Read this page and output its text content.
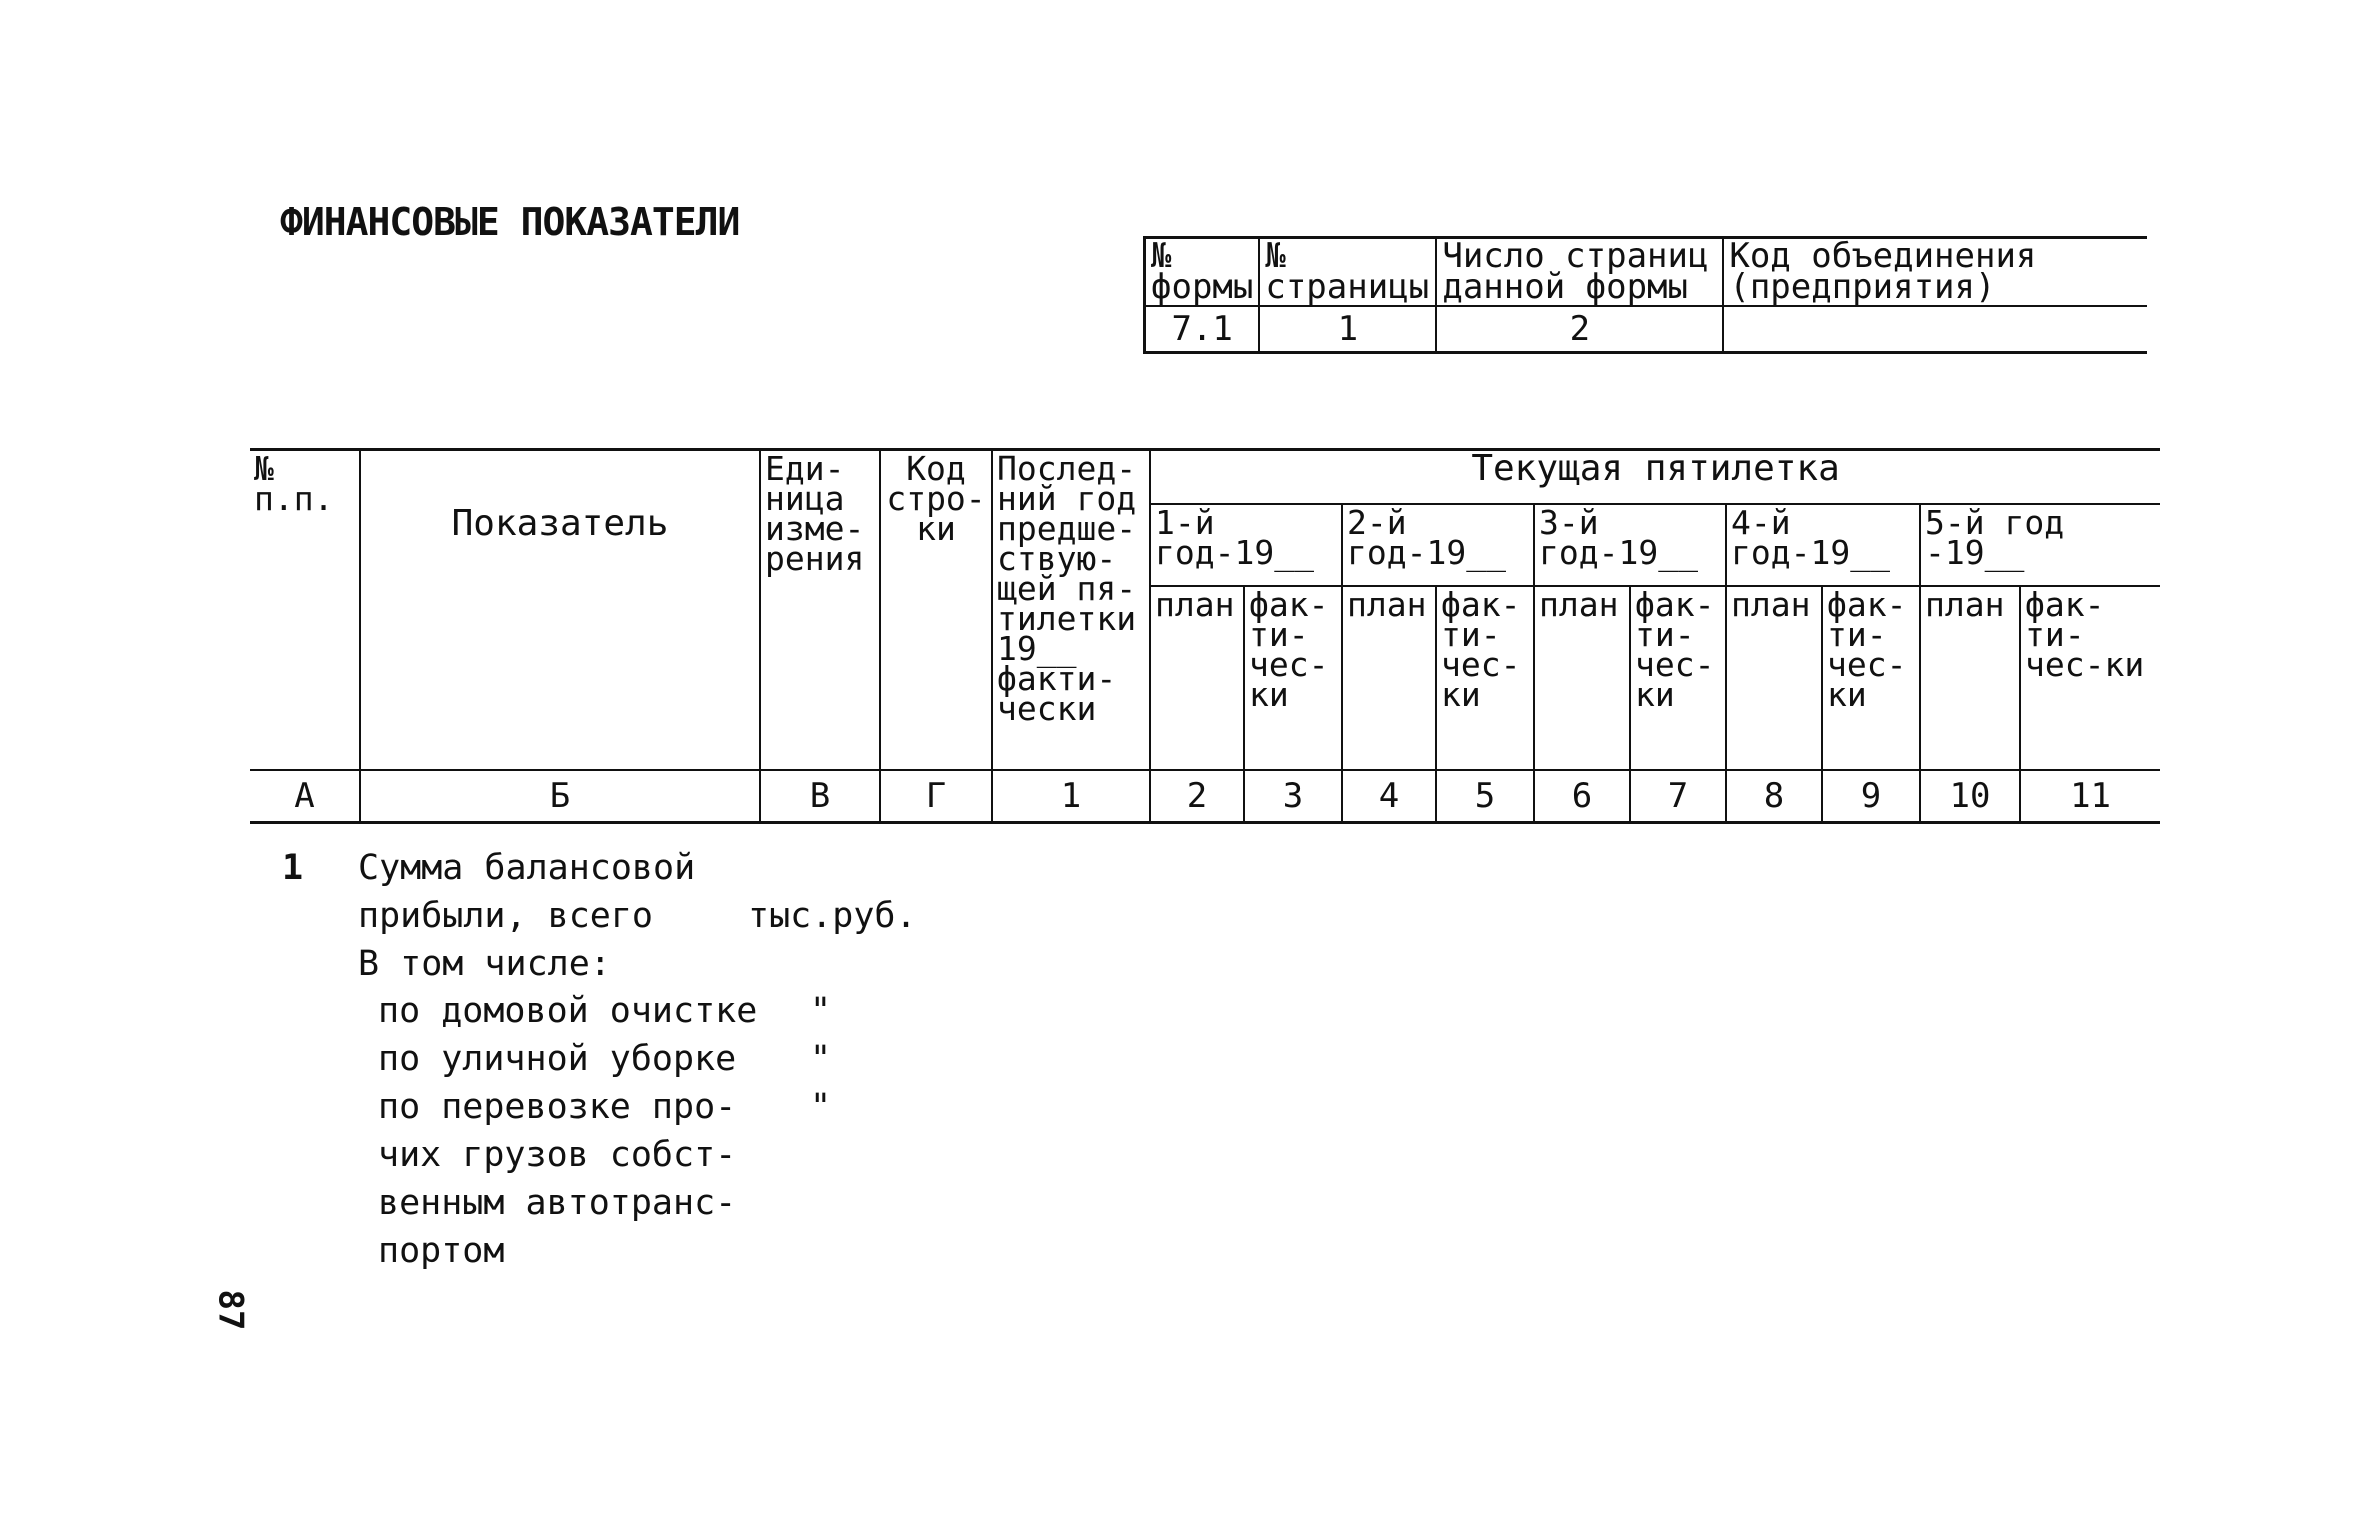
ФИНАНСОВЫЕ ПОКАЗАТЕЛИ
№ формы	№ страницы	Число страниц данной формы	Код объединения (предприятия)
7.1	1	2	
№ п.п.	Показатель	Еди-ница изме-рения	Код стро-ки	Послед-ний год предше-ствую-щей пя-тилетки 19__ факти-чески	Текущая пятилетка									
					1-й год-19__		2-й год-19__		3-й год-19__		4-й год-19__		5-й год -19__	
					план	фак-ти-чес-ки	план	фак-ти-чес-ки	план	фак-ти-чес-ки	план	фак-ти-чес-ки	план	фак-ти-чес-ки
А	Б	В	Г	1	2	3	4	5	6	7	8	9	10	11
1 Сумма балансовой
прибыли, всего	тыс.руб.
В том числе:
по домовой очистке "
по уличной уборке "
по перевозке про- "
чих грузов собст-
венным автотранс-
портом
87
